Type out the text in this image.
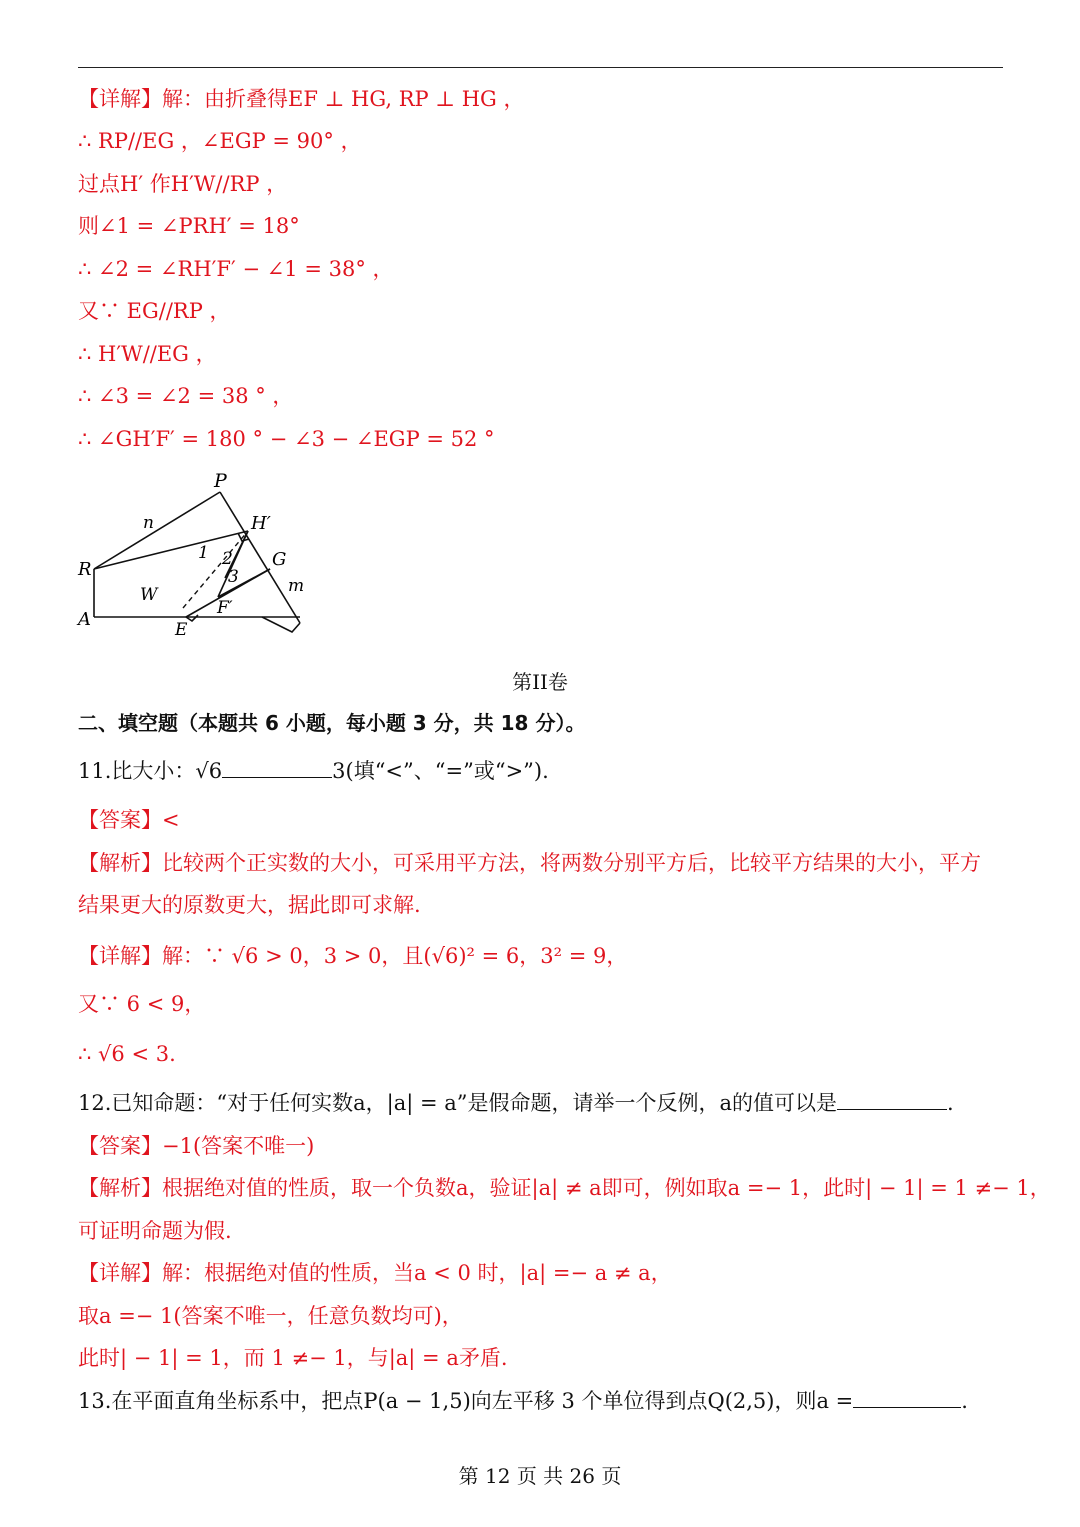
【详解】解：由折叠得EF ⊥ HG, RP ⊥ HG ，
∴ RP//EG ，∠EGP = 90° ，
过点H′ 作H′W//RP ，
则∠1 = ∠PRH′ = 18°
∴ ∠2 = ∠RH′F′ − ∠1 = 38° ，
又∵ EG//RP ，
∴ H′W//EG ，
∴ ∠3 = ∠2 = 38 ° ，
∴ ∠GH′F′ = 180 ° − ∠3 − ∠EGP = 52 °
P
n	H′
R
1 2
3
G
m
W
F′
A	E
第II卷
二、填空题（本题共 6 小题，每小题 3 分，共 18 分）。
11.比大小：√6	3(填“<”、“=”或“>”).
【答案】<
【解析】比较两个正实数的大小，可采用平方法，将两数分别平方后，比较平方结果的大小，平方
结果更大的原数更大，据此即可求解.
【详解】解：∵ √6 > 0，3 > 0，且(√6)² = 6，3² = 9，
又∵ 6 < 9，
∴ √6 < 3.
12.已知命题：“对于任何实数a，|a| = a”是假命题，请举一个反例，a的值可以是	.
【答案】−1(答案不唯一)
【解析】根据绝对值的性质，取一个负数a，验证|a| ≠ a即可，例如取a =− 1，此时| − 1| = 1 ≠− 1，
可证明命题为假.
【详解】解：根据绝对值的性质，当a < 0 时，|a| =− a ≠ a，
取a =− 1(答案不唯一，任意负数均可)，
此时| − 1| = 1，而 1 ≠− 1，与|a| = a矛盾.
13.在平面直角坐标系中，把点P(a − 1,5)向左平移 3 个单位得到点Q(2,5)，则a =	.
第 12 页 共 26 页
